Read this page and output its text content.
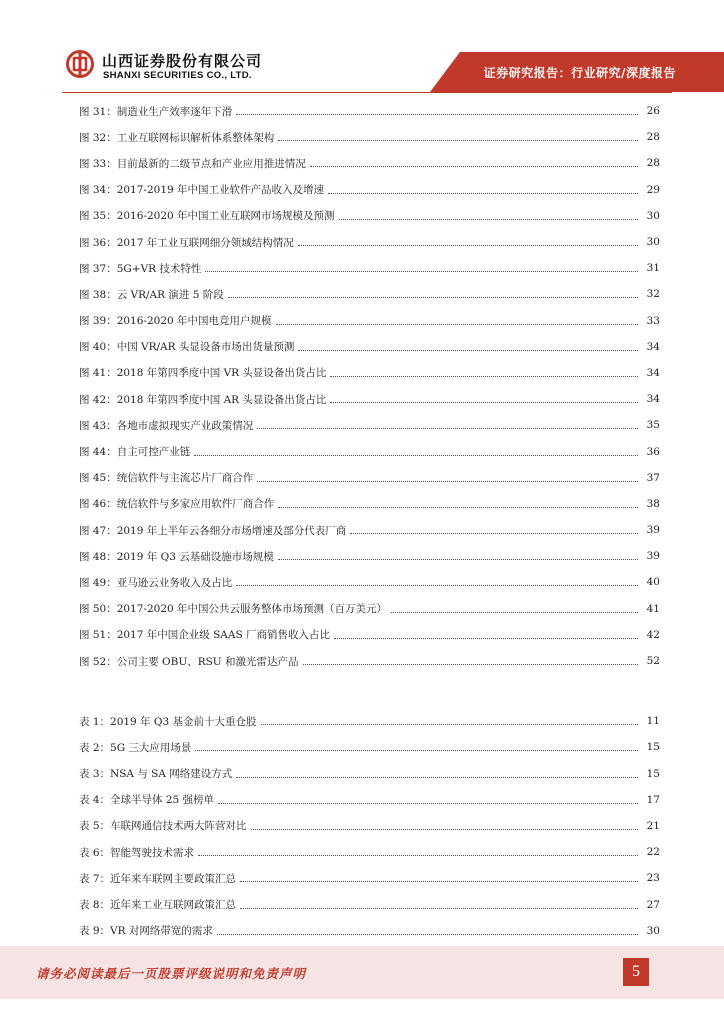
山西证券股份有限公司
SHANXI SECURITIES CO., LTD.	证券研究报告：行业研究/深度报告
图 31：制造业生产效率逐年下滑	26
图 32：工业互联网标识解析体系整体架构	28
图 33：目前最新的二级节点和产业应用推进情况	28
图 34：2017-2019 年中国工业软件产品收入及增速	29
图 35：2016-2020 年中国工业互联网市场规模及预测	30
图 36：2017 年工业互联网细分领域结构情况	30
图 37：5G+VR 技术特性	31
图 38：云 VR/AR 演进 5 阶段	32
图 39：2016-2020 年中国电竞用户规模	33
图 40：中国 VR/AR 头显设备市场出货量预测	34
图 41：2018 年第四季度中国 VR 头显设备出货占比	34
图 42：2018 年第四季度中国 AR 头显设备出货占比	34
图 43：各地市虚拟现实产业政策情况	35
图 44：自主可控产业链	36
图 45：统信软件与主流芯片厂商合作	37
图 46：统信软件与多家应用软件厂商合作	38
图 47：2019 年上半年云各细分市场增速及部分代表厂商	39
图 48：2019 年 Q3 云基础设施市场规模	39
图 49：亚马逊云业务收入及占比	40
图 50：2017-2020 年中国公共云服务整体市场预测（百万美元）	41
图 51：2017 年中国企业级 SAAS 厂商销售收入占比	42
图 52：公司主要 OBU、RSU 和激光雷达产品	52
表 1：2019 年 Q3 基金前十大重仓股	11
表 2：5G 三大应用场景	15
表 3：NSA 与 SA 网络建设方式	15
表 4：全球半导体 25 强榜单	17
表 5：车联网通信技术两大阵营对比	21
表 6：智能驾驶技术需求	22
表 7：近年来车联网主要政策汇总	23
表 8：近年来工业互联网政策汇总	27
表 9：VR 对网络带宽的需求	30
请务必阅读最后一页股票评级说明和免责声明	5
